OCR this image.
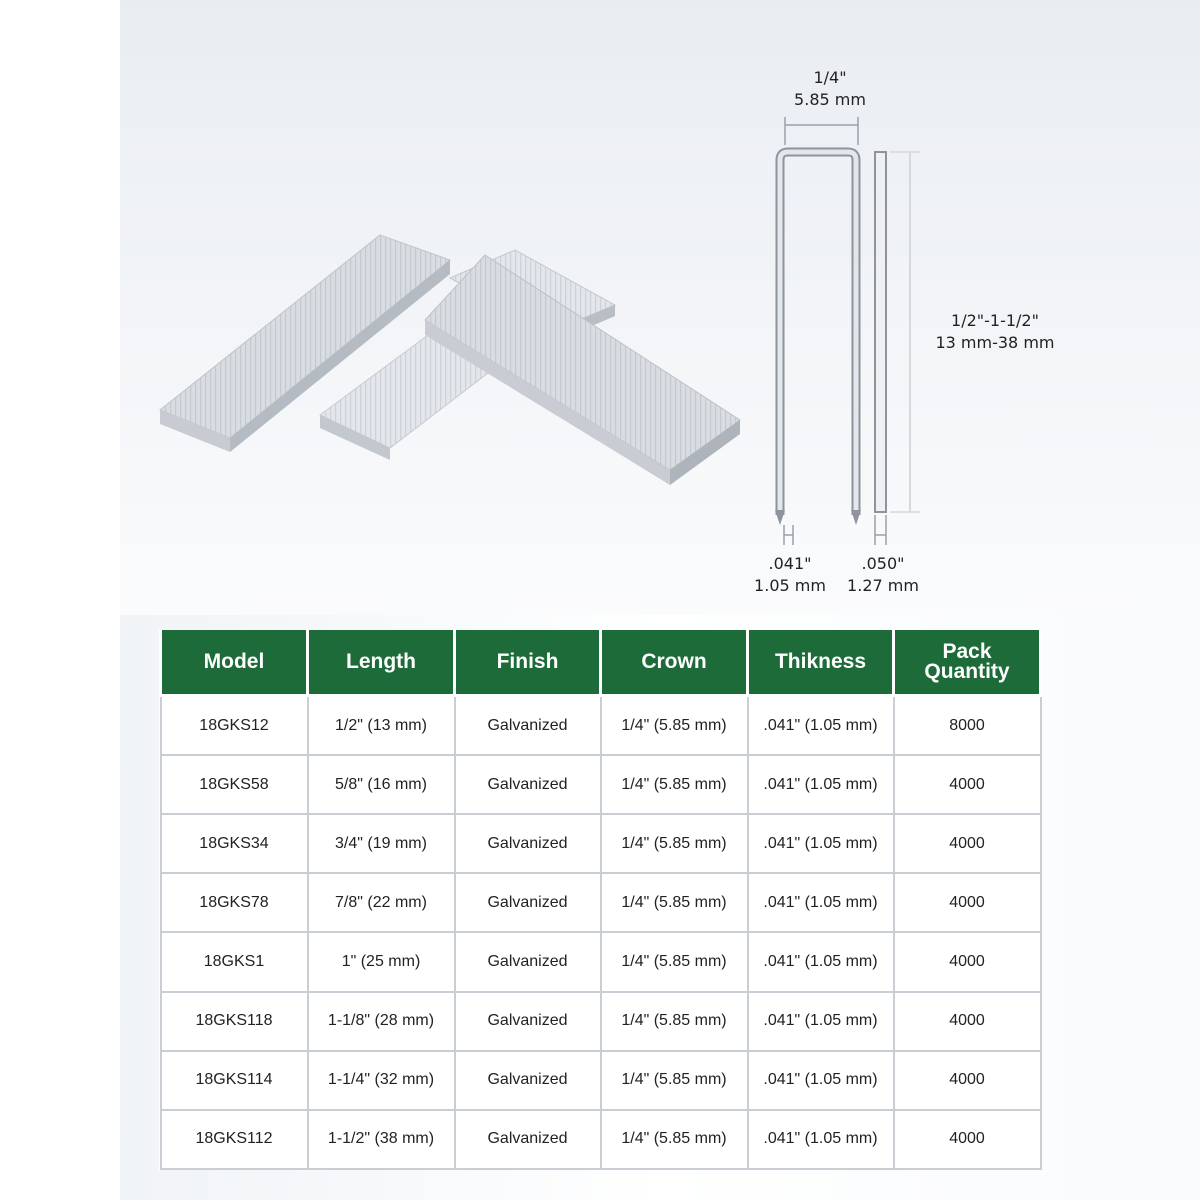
1/4"
5.85 mm
1/2"-1-1/2"
13 mm-38 mm
.041"
1.05 mm
.050"
1.27 mm
Model	Length	Finish	Crown	Thikness	Pack Quantity
18GKS12	1/2" (13 mm)	Galvanized	1/4" (5.85 mm)	.041" (1.05 mm)	8000
18GKS58	5/8" (16 mm)	Galvanized	1/4" (5.85 mm)	.041" (1.05 mm)	4000
18GKS34	3/4" (19 mm)	Galvanized	1/4" (5.85 mm)	.041" (1.05 mm)	4000
18GKS78	7/8" (22 mm)	Galvanized	1/4" (5.85 mm)	.041" (1.05 mm)	4000
18GKS1	1" (25 mm)	Galvanized	1/4" (5.85 mm)	.041" (1.05 mm)	4000
18GKS118	1-1/8" (28 mm)	Galvanized	1/4" (5.85 mm)	.041" (1.05 mm)	4000
18GKS114	1-1/4" (32 mm)	Galvanized	1/4" (5.85 mm)	.041" (1.05 mm)	4000
18GKS112	1-1/2" (38 mm)	Galvanized	1/4" (5.85 mm)	.041" (1.05 mm)	4000
